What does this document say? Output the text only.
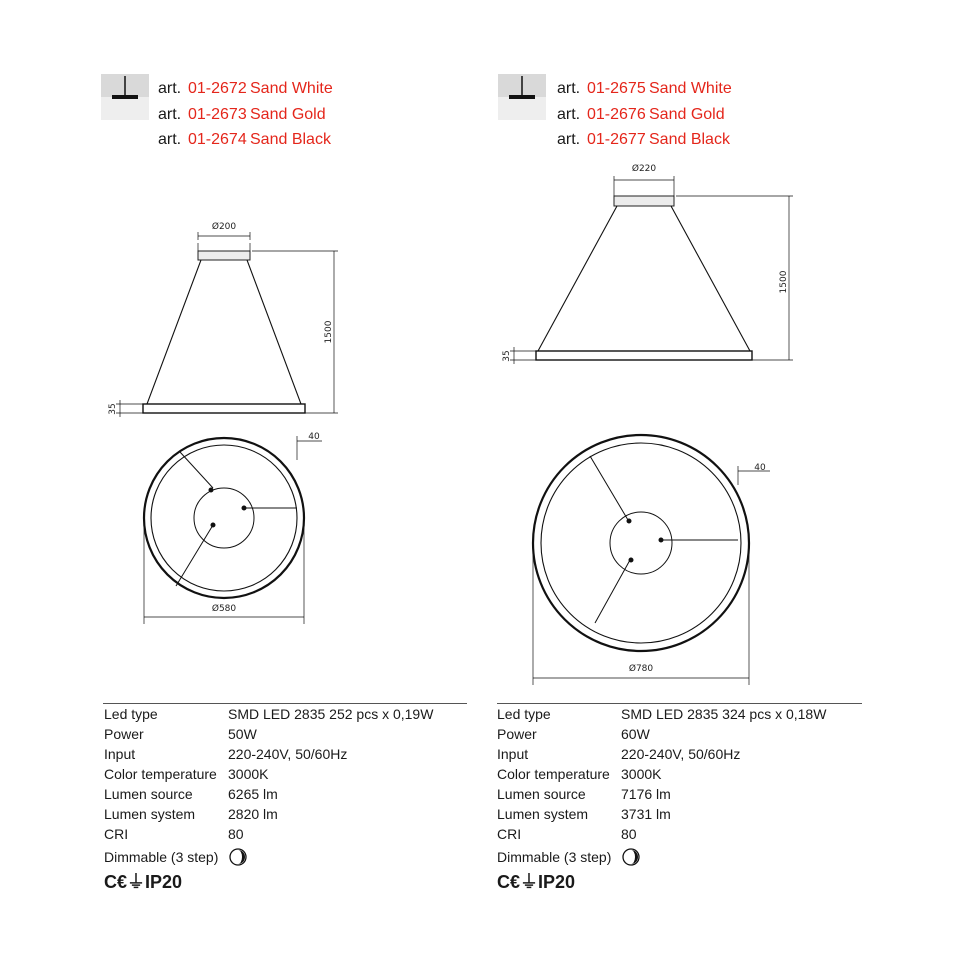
art. 01-2672 Sand White
art. 01-2673 Sand Gold
art. 01-2674 Sand Black
Ø200
1500
35
40
Ø580
Led type	SMD LED 2835 252 pcs x 0,19W
Power	50W
Input	220-240V, 50/60Hz
Color temperature 3000K
Lumen source	6265 lm
Lumen system 2820 lm
CRI	80
Dimmable (3 step)
C€⏚IP20
art. 01-2675 Sand White
art. 01-2676 Sand Gold
art. 01-2677 Sand Black
Ø220
1500
35
40
Ø780
Led type	SMD LED 2835 324 pcs x 0,18W
Power	60W
Input	220-240V, 50/60Hz
Color temperature 3000K
Lumen source	7176 lm
Lumen system 3731 lm
CRI	80
Dimmable (3 step)
C€⏚IP20
